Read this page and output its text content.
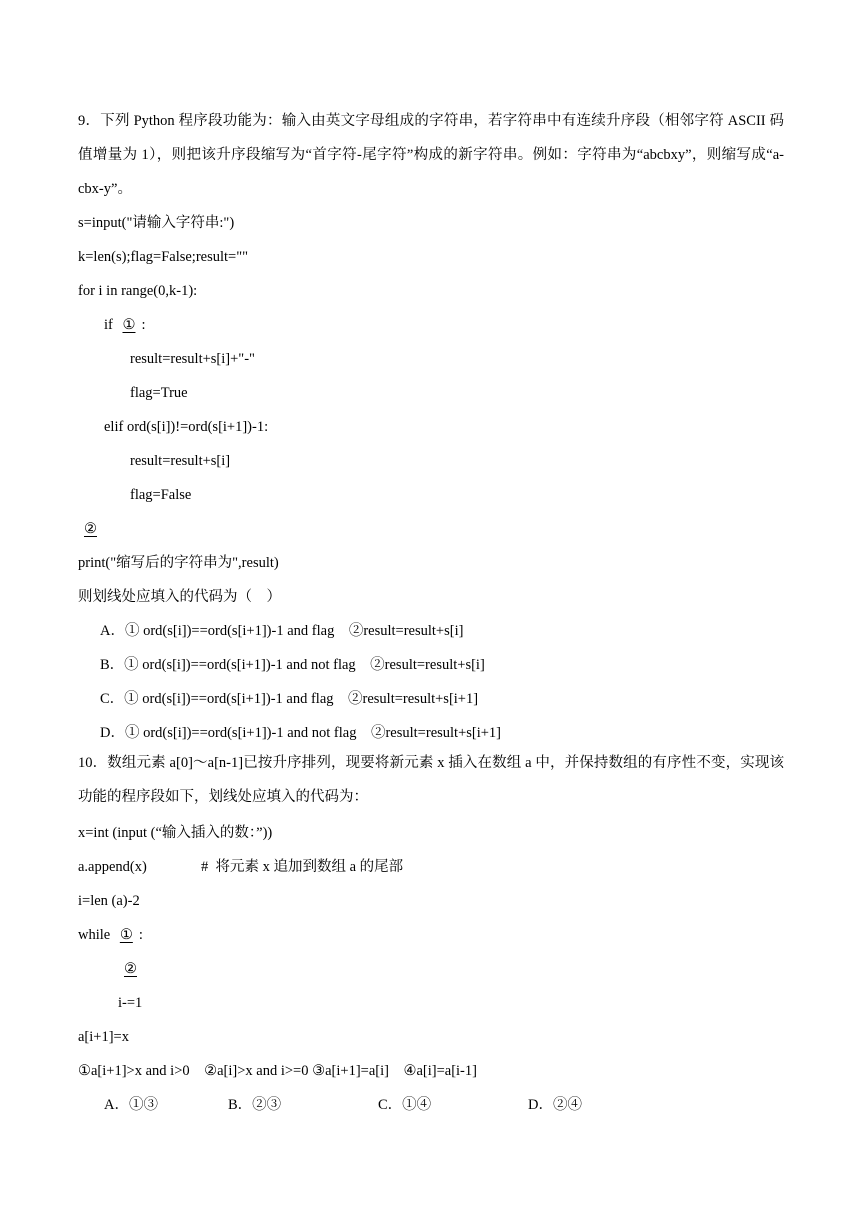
9．下列 Python 程序段功能为：输入由英文字母组成的字符串，若字符串中有连续升序段（相邻字符 ASCII 码值增量为 1），则把该升序段缩写为“首字符-尾字符”构成的新字符串。例如：字符串为“abcbxy”，则缩写成“a-cbx-y”。
s=input("请输入字符串:")
k=len(s);flag=False;result=""
for i in range(0,k-1):
if ① :
result=result+s[i]+"-"
flag=True
elif ord(s[i])!=ord(s[i+1])-1:
result=result+s[i]
flag=False
②
print("缩写后的字符串为",result)
则划线处应填入的代码为（　）
A．① ord(s[i])==ord(s[i+1])-1 and flag　②result=result+s[i]
B．① ord(s[i])==ord(s[i+1])-1 and not flag　②result=result+s[i]
C．① ord(s[i])==ord(s[i+1])-1 and flag　②result=result+s[i+1]
D．① ord(s[i])==ord(s[i+1])-1 and not flag　②result=result+s[i+1]
10．数组元素 a[0]～a[n-1]已按升序排列，现要将新元素 x 插入在数组 a 中，并保持数组的有序性不变，实现该功能的程序段如下，划线处应填入的代码为：
x=int (input (“输入插入的数：”))
a.append(x)	#  将元素 x 追加到数组 a 的尾部
i=len (a)-2
while ① :
②
i-=1
a[i+1]=x
①a[i+1]>x and i>0　②a[i]>x and i>=0 ③a[i+1]=a[i]　④a[i]=a[i-1]
A．①③	B．②③	C．①④	D．②④
